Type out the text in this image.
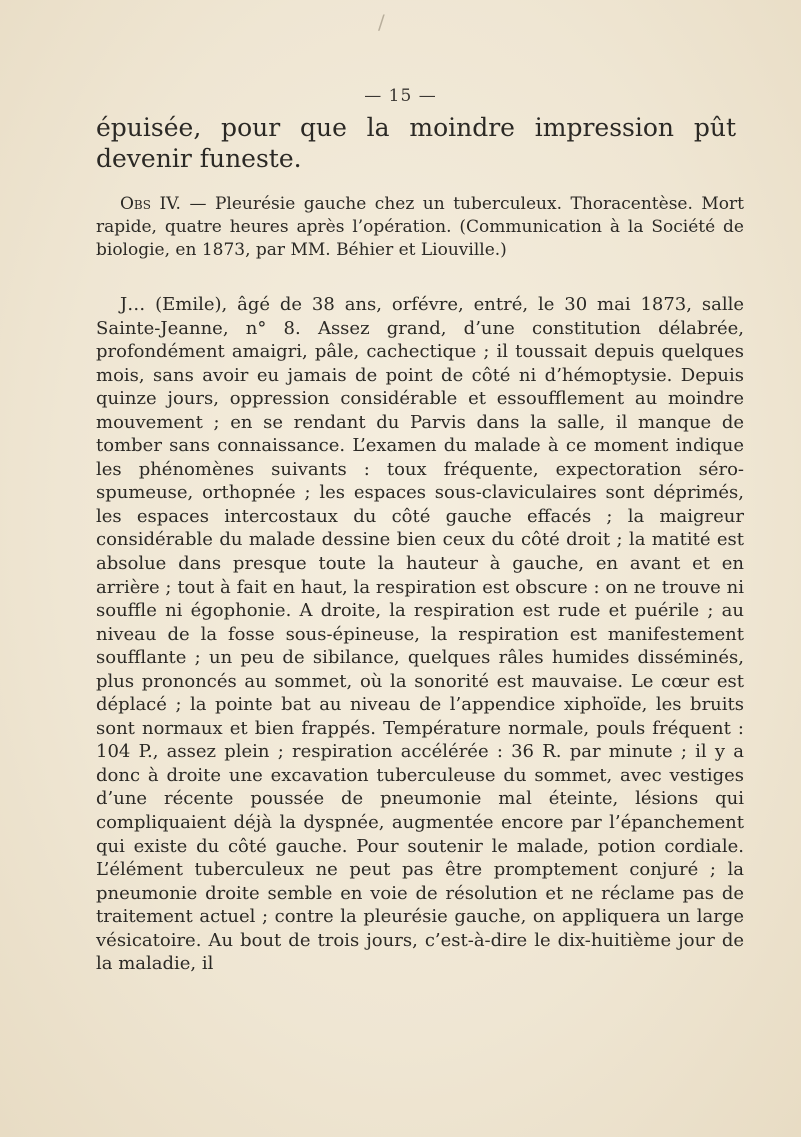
/
— 15 —
épuisée, pour que la moindre impression pût devenir funeste.
Obs IV. — Pleurésie gauche chez un tuberculeux. Thoracentèse. Mort rapide, quatre heures après l’opération. (Communication à la Société de biologie, en 1873, par MM. Béhier et Liouville.)
J… (Emile), âgé de 38 ans, orfévre, entré, le 30 mai 1873, salle Sainte-Jeanne, n° 8. Assez grand, d’une constitution délabrée, profondément amaigri, pâle, cachectique ; il toussait depuis quelques mois, sans avoir eu jamais de point de côté ni d’hémoptysie. Depuis quinze jours, oppression considérable et essoufflement au moindre mouvement ; en se rendant du Parvis dans la salle, il manque de tomber sans connaissance. L’examen du malade à ce moment indique les phénomènes suivants : toux fréquente, expectoration séro-spumeuse, orthopnée ; les espaces sous-claviculaires sont déprimés, les espaces intercostaux du côté gauche effacés ; la maigreur considérable du malade dessine bien ceux du côté droit ; la matité est absolue dans presque toute la hauteur à gauche, en avant et en arrière ; tout à fait en haut, la respiration est obscure : on ne trouve ni souffle ni égophonie. A droite, la respiration est rude et puérile ; au niveau de la fosse sous-épineuse, la respiration est manifestement soufflante ; un peu de sibilance, quelques râles humides disséminés, plus prononcés au sommet, où la sonorité est mauvaise. Le cœur est déplacé ; la pointe bat au niveau de l’appendice xiphoïde, les bruits sont normaux et bien frappés. Température normale, pouls fréquent : 104 P., assez plein ; respiration accélérée : 36 R. par minute ; il y a donc à droite une excavation tuberculeuse du sommet, avec vestiges d’une récente poussée de pneumonie mal éteinte, lésions qui compliquaient déjà la dyspnée, augmentée encore par l’épanchement qui existe du côté gauche. Pour soutenir le malade, potion cordiale. L’élément tuberculeux ne peut pas être promptement conjuré ; la pneumonie droite semble en voie de résolution et ne réclame pas de traitement actuel ; contre la pleurésie gauche, on appliquera un large vésicatoire. Au bout de trois jours, c’est-à-dire le dix-huitième jour de la maladie, il
